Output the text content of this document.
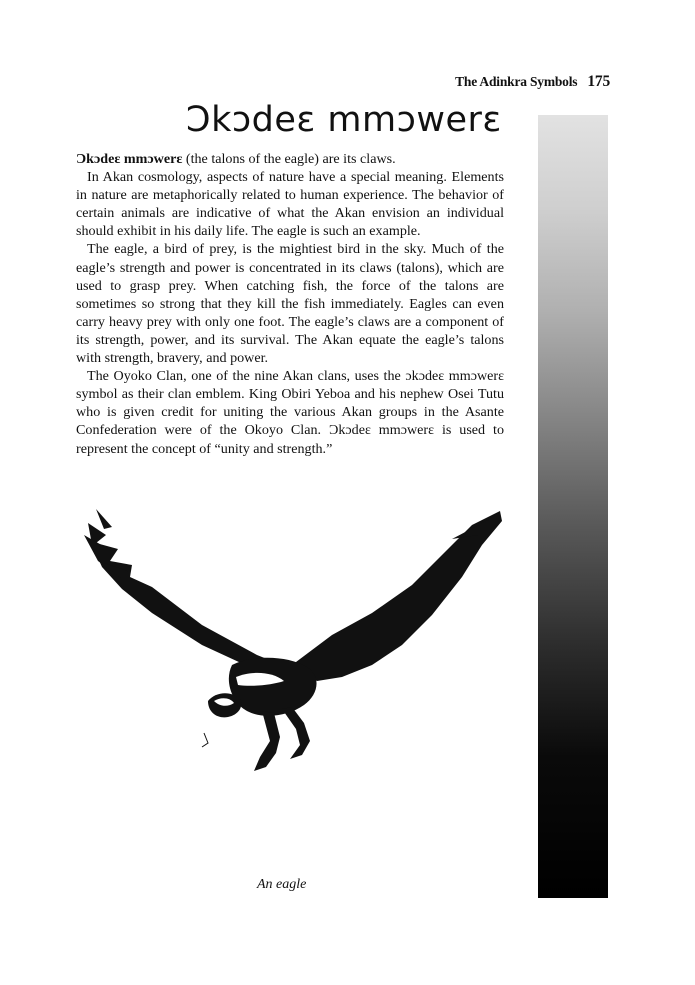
The Adinkra Symbols 175
Ɔkɔdeɛ mmɔwerɛ

Ɔkɔdeɛ mmɔwerɛ (the talons of the eagle) are its claws.

In Akan cosmology, aspects of nature have a special meaning. Elements in nature are metaphorically related to human experience. The behavior of certain animals are indicative of what the Akan envision an individual should exhibit in his daily life. The eagle is such an example.

The eagle, a bird of prey, is the mightiest bird in the sky. Much of the eagle’s strength and power is concentrated in its claws (talons), which are used to grasp prey. When catching fish, the force of the talons are sometimes so strong that they kill the fish immediately. Eagles can even carry heavy prey with only one foot. The eagle’s claws are a component of its strength, power, and its survival. The Akan equate the eagle’s talons with strength, bravery, and power.

The Oyoko Clan, one of the nine Akan clans, uses the ɔkɔdeɛ mmɔwerɛ symbol as their clan emblem. King Obiri Yeboa and his nephew Osei Tutu who is given credit for uniting the various Akan groups in the Asante Confederation were of the Okoyo Clan. Ɔkɔdeɛ mmɔwerɛ is used to represent the concept of “unity and strength.”

An eagle
